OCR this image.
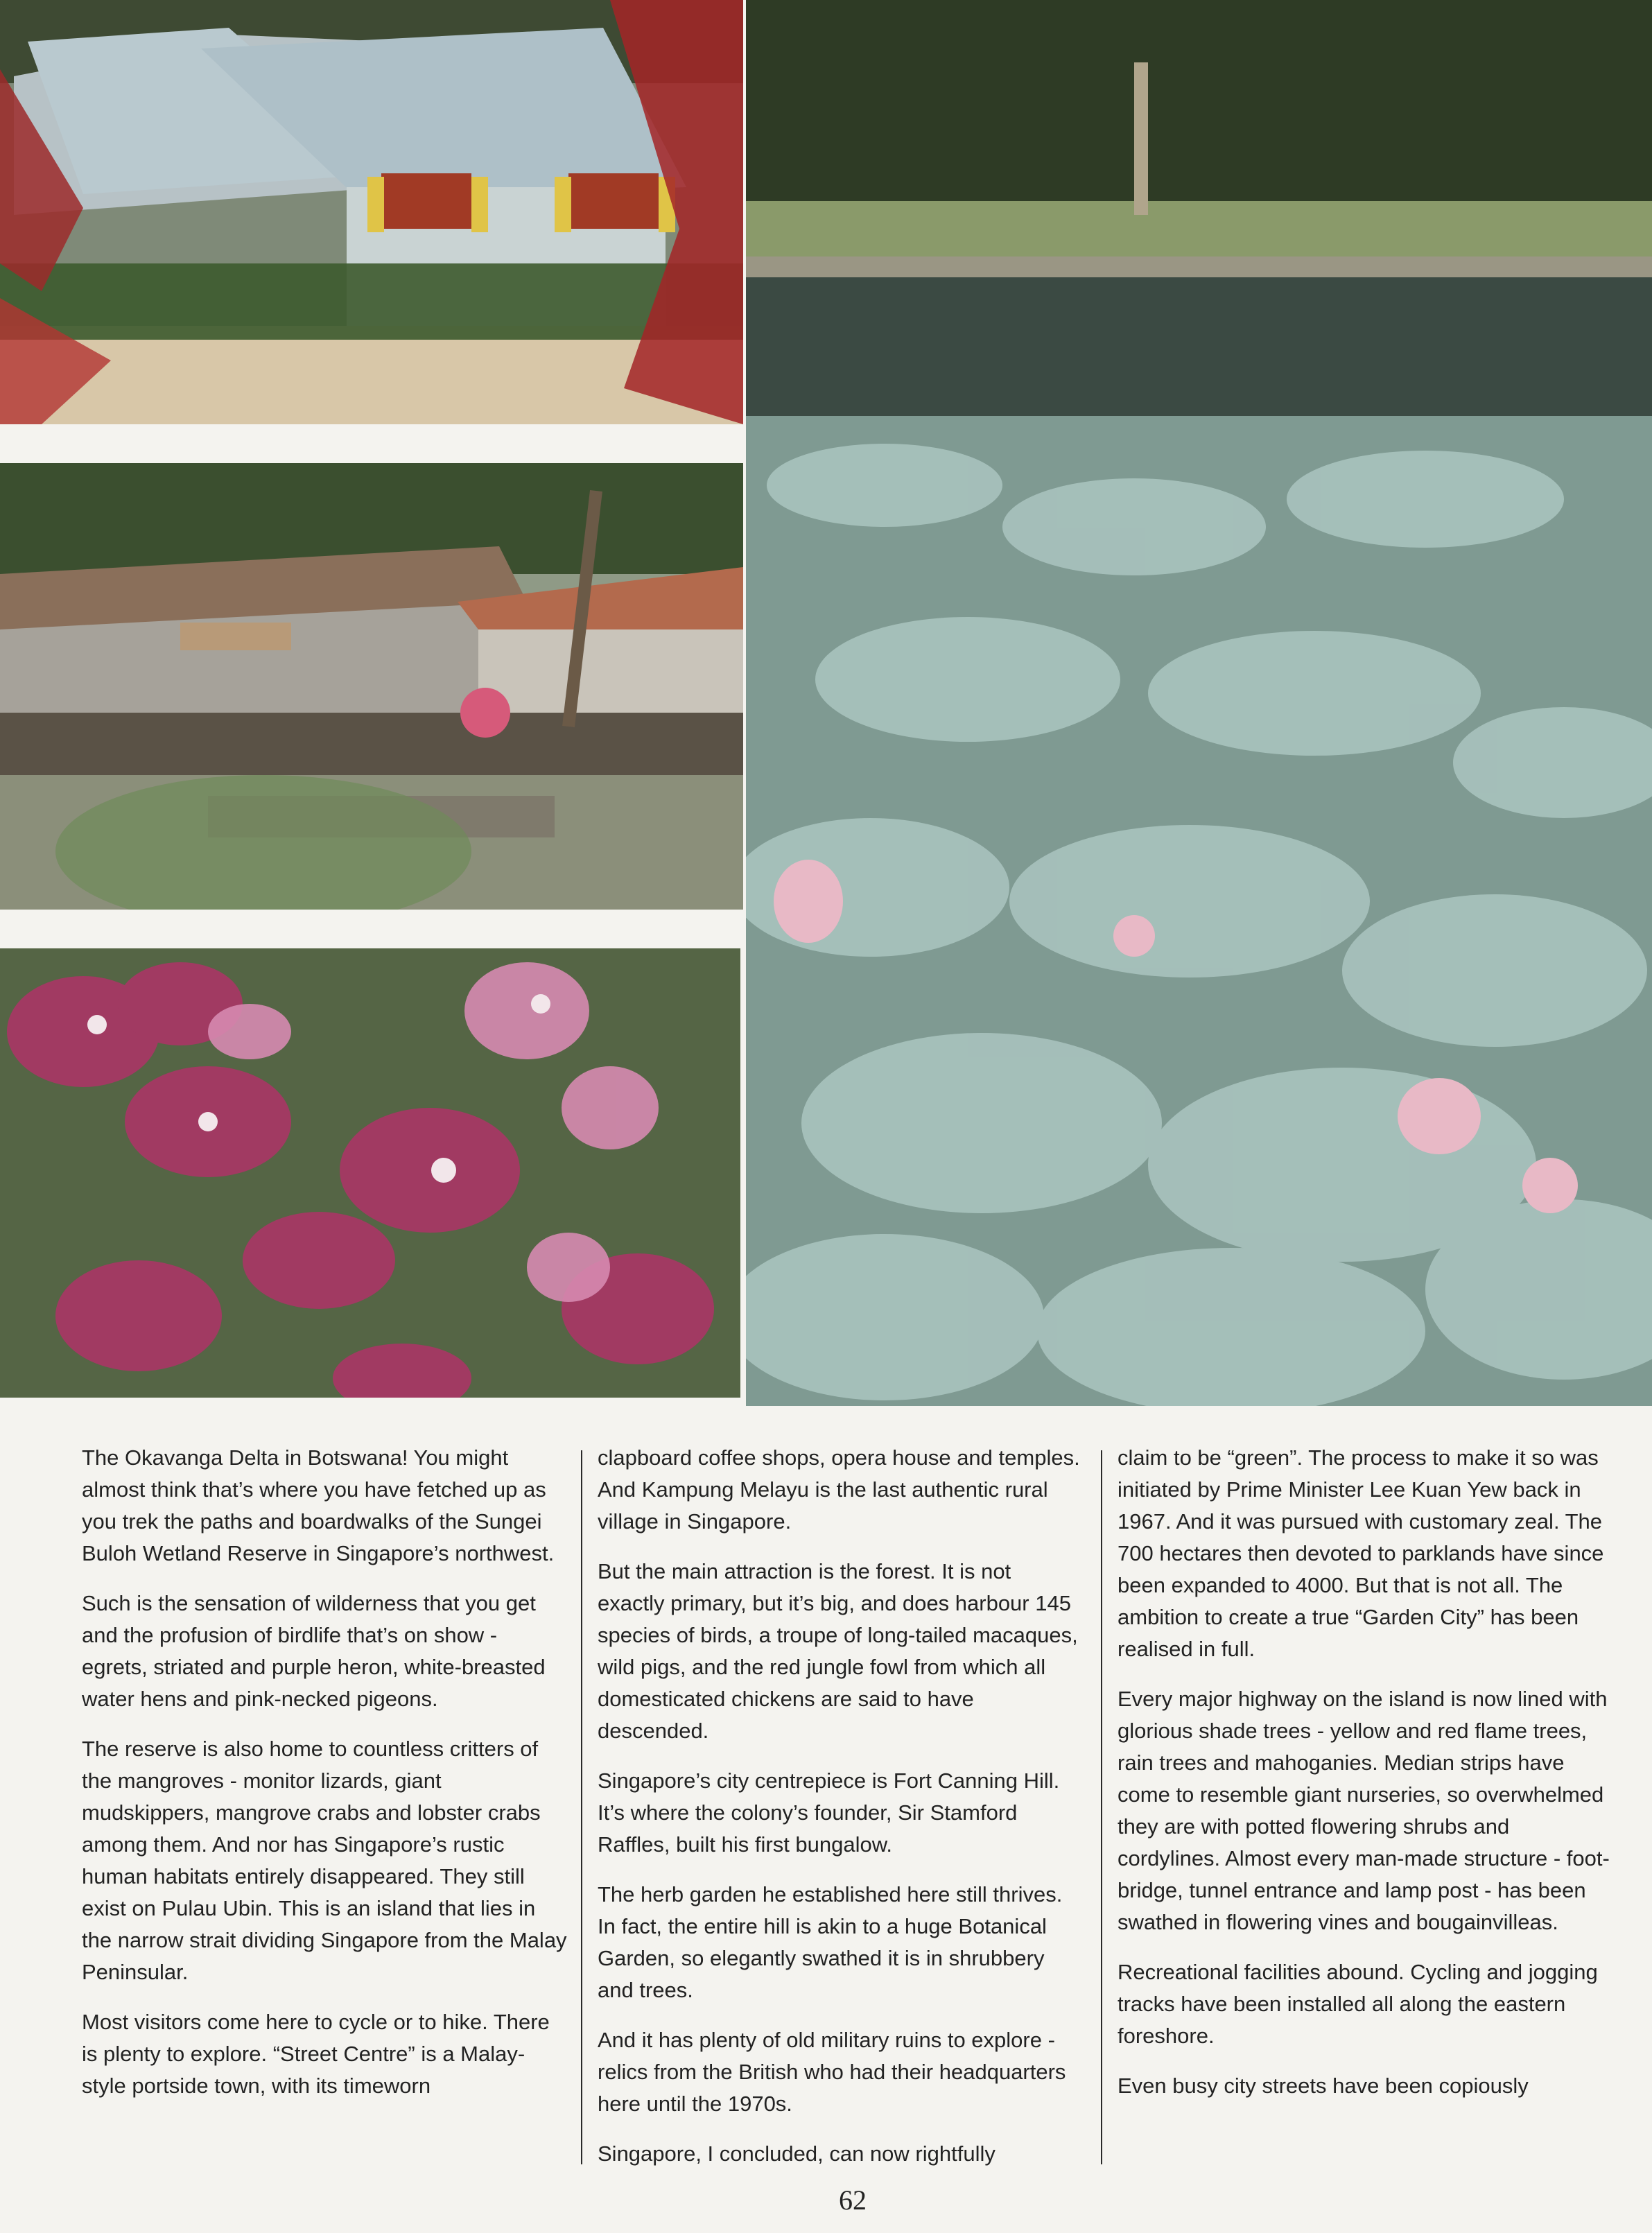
The Okavanga Delta in Botswana! You might almost think that’s where you have fetched up as you trek the paths and boardwalks of the Sungei Buloh Wetland Reserve in Singapore’s northwest.

Such is the sensation of wilderness that you get and the profusion of birdlife that’s on show - egrets, striated and purple heron, white-breasted water hens and pink-necked pigeons.

The reserve is also home to countless critters of the mangroves - monitor lizards, giant mudskippers, mangrove crabs and lobster crabs among them. And nor has Singapore’s rustic human habitats entirely disappeared. They still exist on Pulau Ubin. This is an island that lies in the narrow strait dividing Singapore from the Malay Peninsular.

Most visitors come here to cycle or to hike. There is plenty to explore. “Street Centre” is a Malay-style portside town, with its timeworn

clapboard coffee shops, opera house and temples. And Kampung Melayu is the last authentic rural village in Singapore.

But the main attraction is the forest. It is not exactly primary, but it’s big, and does harbour 145 species of birds, a troupe of long-tailed macaques, wild pigs, and the red jungle fowl from which all domesticated chickens are said to have descended.

Singapore’s city centrepiece is Fort Canning Hill. It’s where the colony’s founder, Sir Stamford Raffles, built his first bungalow.

The herb garden he established here still thrives. In fact, the entire hill is akin to a huge Botanical Garden, so elegantly swathed it is in shrubbery and trees.

And it has plenty of old military ruins to explore - relics from the British who had their headquarters here until the 1970s.

Singapore, I concluded, can now rightfully

claim to be “green”. The process to make it so was initiated by Prime Minister Lee Kuan Yew back in 1967. And it was pursued with customary zeal. The 700 hectares then devoted to parklands have since been expanded to 4000. But that is not all. The ambition to create a true “Garden City” has been realised in full.

Every major highway on the island is now lined with glorious shade trees - yellow and red flame trees, rain trees and mahoganies. Median strips have come to resemble giant nurseries, so overwhelmed they are with potted flowering shrubs and cordylines. Almost every man-made structure - foot-bridge, tunnel entrance and lamp post - has been swathed in flowering vines and bougainvilleas.

Recreational facilities abound. Cycling and jogging tracks have been installed all along the eastern foreshore.

Even busy city streets have been copiously

62
